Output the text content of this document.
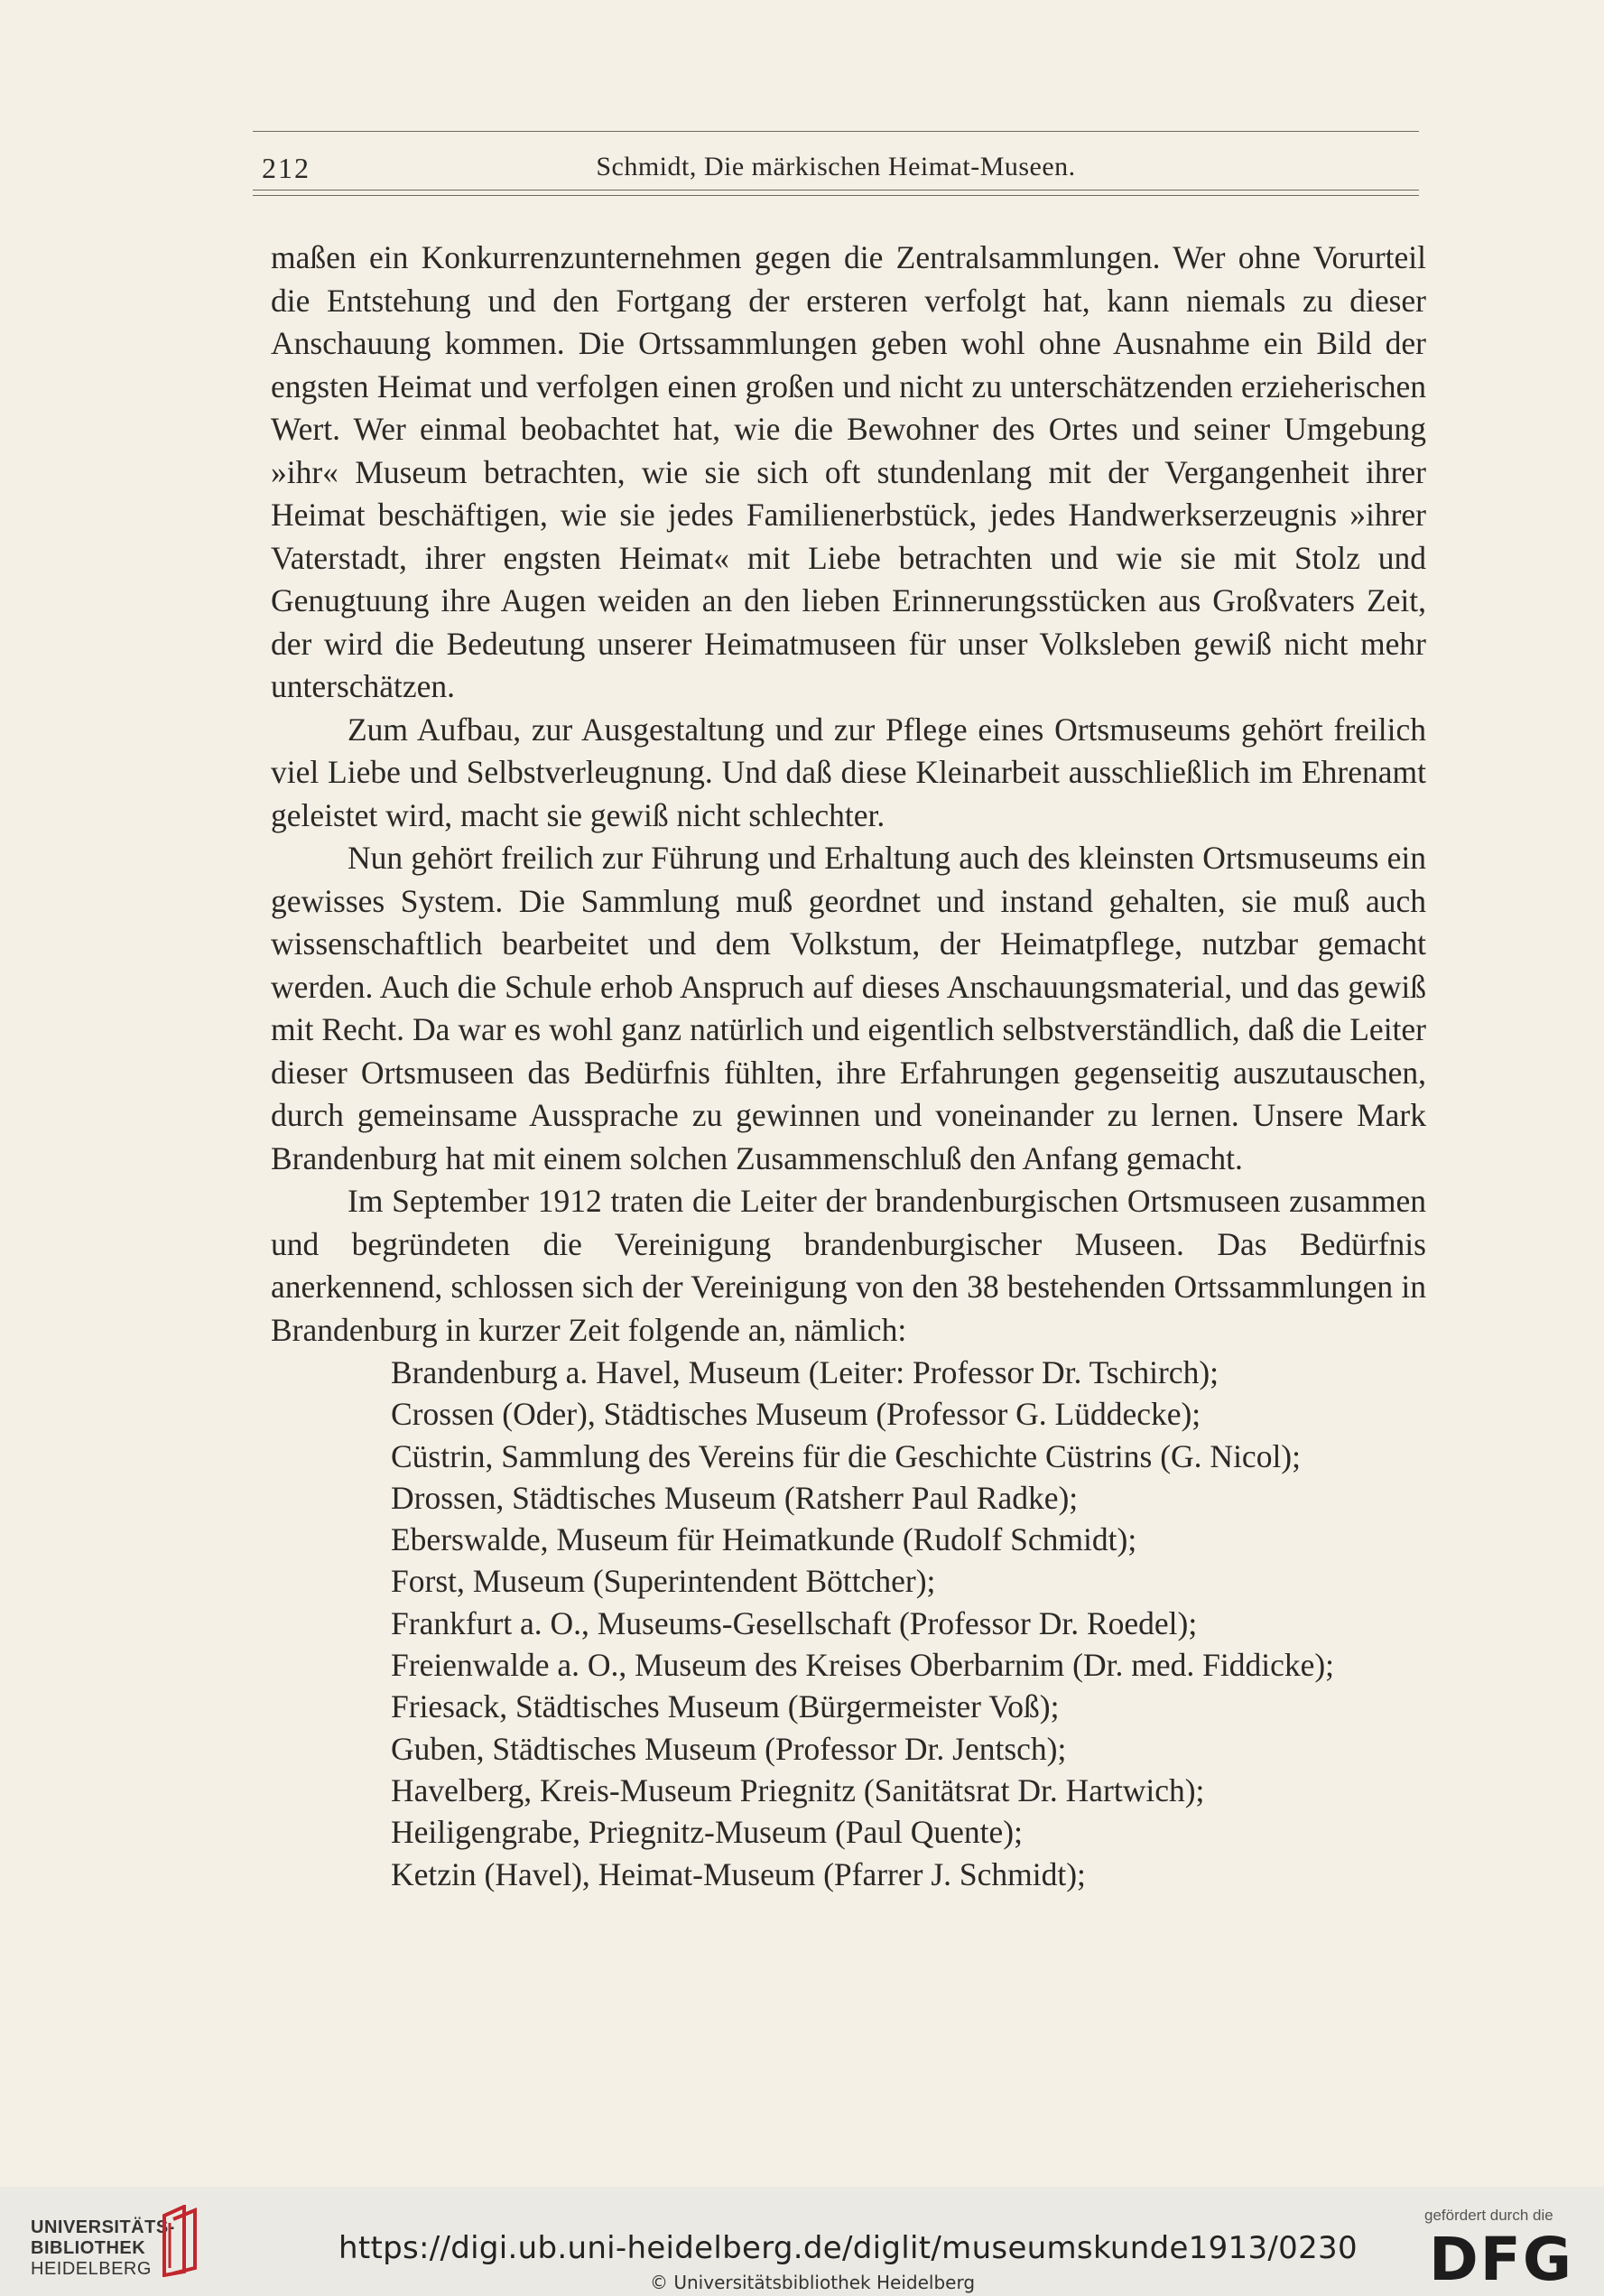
212	Schmidt, Die märkischen Heimat-Museen.

maßen ein Konkurrenzunternehmen gegen die Zentralsammlungen. Wer ohne Vorurteil die Entstehung und den Fortgang der ersteren verfolgt hat, kann niemals zu dieser Anschauung kommen. Die Ortssammlungen geben wohl ohne Ausnahme ein Bild der engsten Heimat und verfolgen einen großen und nicht zu unterschätzenden erzieherischen Wert. Wer einmal beobachtet hat, wie die Bewohner des Ortes und seiner Umgebung »ihr« Museum betrachten, wie sie sich oft stundenlang mit der Vergangenheit ihrer Heimat beschäftigen, wie sie jedes Familienerbstück, jedes Handwerkserzeugnis »ihrer Vaterstadt, ihrer engsten Heimat« mit Liebe betrachten und wie sie mit Stolz und Genugtuung ihre Augen weiden an den lieben Erinnerungsstücken aus Großvaters Zeit, der wird die Bedeutung unserer Heimatmuseen für unser Volksleben gewiß nicht mehr unterschätzen.

Zum Aufbau, zur Ausgestaltung und zur Pflege eines Ortsmuseums gehört freilich viel Liebe und Selbstverleugnung. Und daß diese Kleinarbeit ausschließlich im Ehrenamt geleistet wird, macht sie gewiß nicht schlechter.

Nun gehört freilich zur Führung und Erhaltung auch des kleinsten Ortsmuseums ein gewisses System. Die Sammlung muß geordnet und instand gehalten, sie muß auch wissenschaftlich bearbeitet und dem Volkstum, der Heimatpflege, nutzbar gemacht werden. Auch die Schule erhob Anspruch auf dieses Anschauungsmaterial, und das gewiß mit Recht. Da war es wohl ganz natürlich und eigentlich selbstverständlich, daß die Leiter dieser Ortsmuseen das Bedürfnis fühlten, ihre Erfahrungen gegenseitig auszutauschen, durch gemeinsame Aussprache zu gewinnen und voneinander zu lernen. Unsere Mark Brandenburg hat mit einem solchen Zusammenschluß den Anfang gemacht.

Im September 1912 traten die Leiter der brandenburgischen Ortsmuseen zusammen und begründeten die Vereinigung brandenburgischer Museen. Das Bedürfnis anerkennend, schlossen sich der Vereinigung von den 38 bestehenden Ortssammlungen in Brandenburg in kurzer Zeit folgende an, nämlich:

Brandenburg a. Havel, Museum (Leiter: Professor Dr. Tschirch);
Crossen (Oder), Städtisches Museum (Professor G. Lüddecke);
Cüstrin, Sammlung des Vereins für die Geschichte Cüstrins (G. Nicol);
Drossen, Städtisches Museum (Ratsherr Paul Radke);
Eberswalde, Museum für Heimatkunde (Rudolf Schmidt);
Forst, Museum (Superintendent Böttcher);
Frankfurt a. O., Museums-Gesellschaft (Professor Dr. Roedel);
Freienwalde a. O., Museum des Kreises Oberbarnim (Dr. med. Fiddicke);
Friesack, Städtisches Museum (Bürgermeister Voß);
Guben, Städtisches Museum (Professor Dr. Jentsch);
Havelberg, Kreis-Museum Priegnitz (Sanitätsrat Dr. Hartwich);
Heiligengrabe, Priegnitz-Museum (Paul Quente);
Ketzin (Havel), Heimat-Museum (Pfarrer J. Schmidt);
UNIVERSITÄTS-
BIBLIOTHEK
HEIDELBERG
https://digi.ub.uni-heidelberg.de/diglit/museumskunde1913/0230
© Universitätsbibliothek Heidelberg
gefördert durch die
DFG
